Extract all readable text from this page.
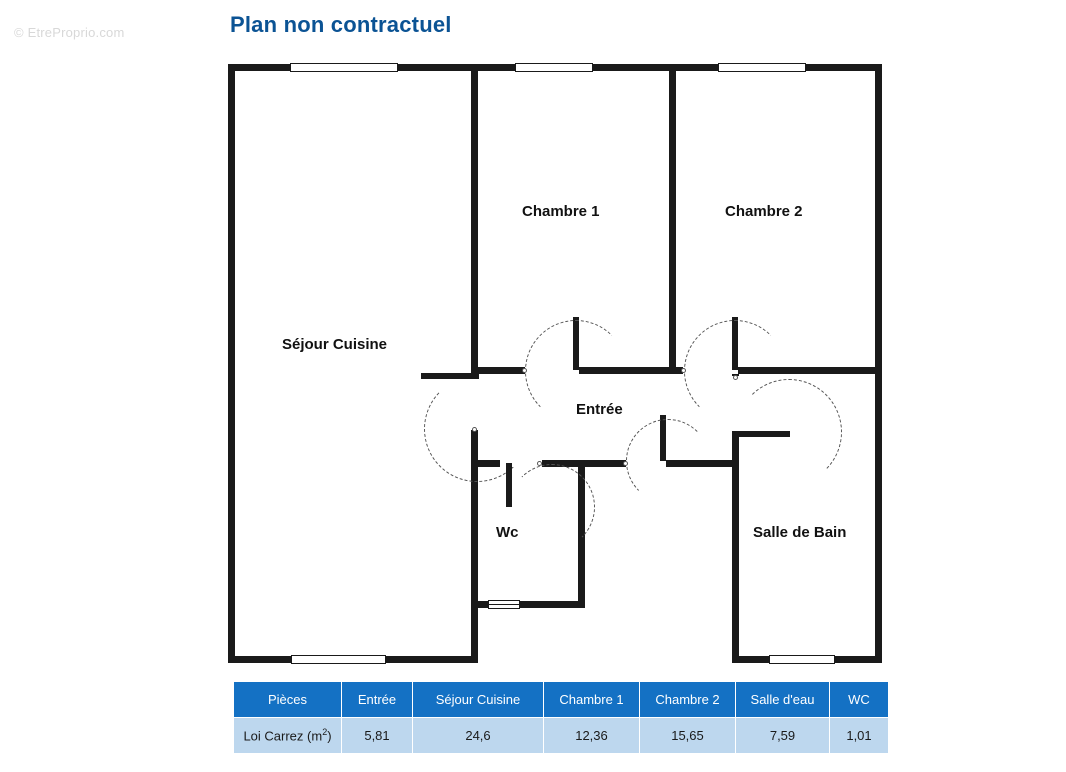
© EtreProprio.com	Plan non contractuel
Séjour Cuisine
Chambre 1	Chambre 2
Entrée
Wc	Salle de Bain
Pièces	Entrée	Séjour Cuisine	Chambre 1	Chambre 2	Salle d'eau	WC
Loi Carrez $(m^2)$	5,81	24,6	12,36	15,65	7,59	1,01
